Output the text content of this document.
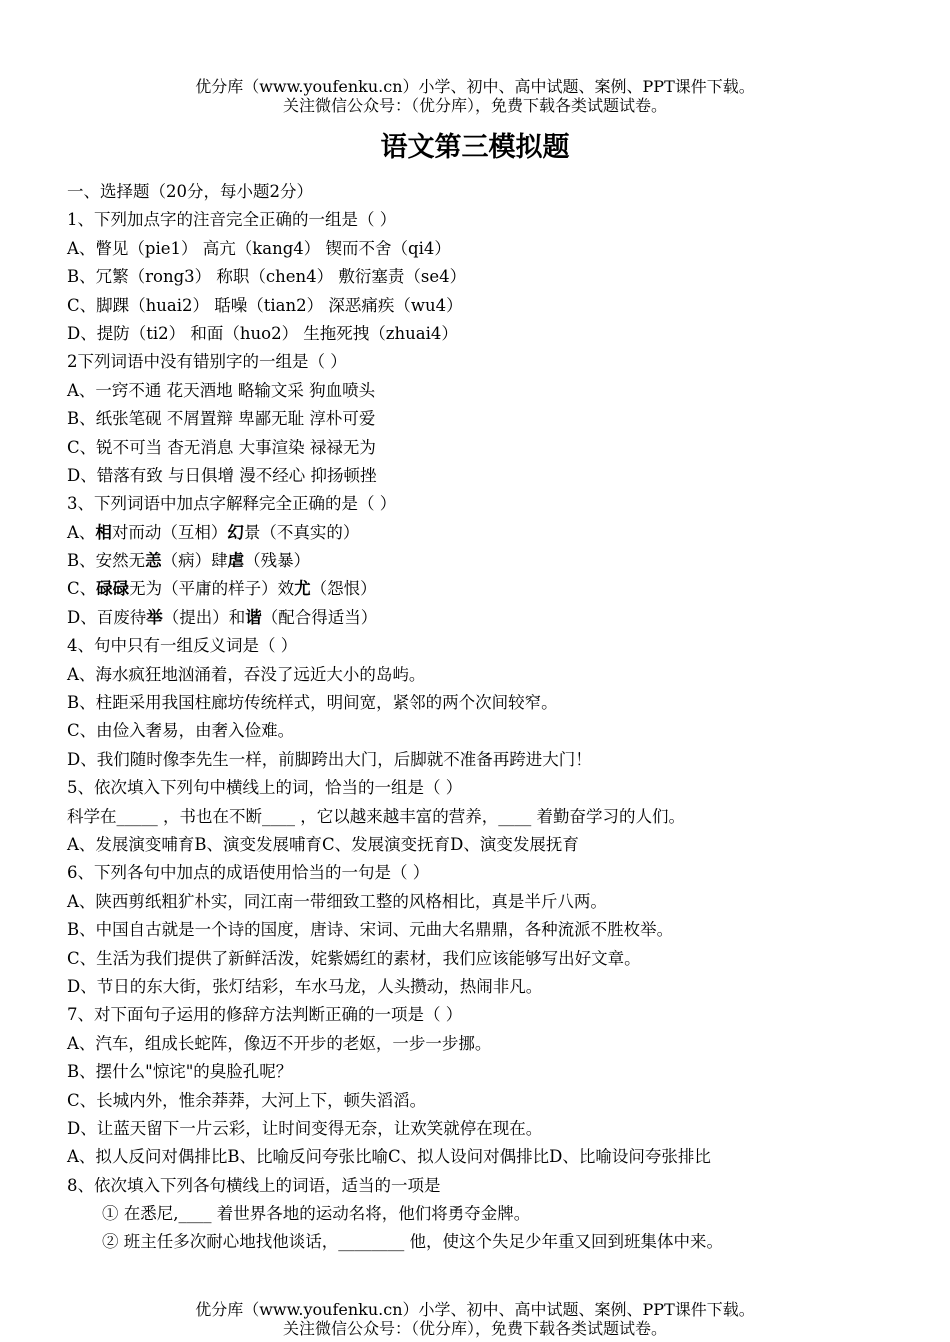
优分库（www.youfenku.cn）小学、初中、高中试题、案例、PPT课件下载。
关注微信公众号：（优分库），免费下载各类试题试卷。
语文第三模拟题
一、选择题（20分，每小题2分）
1、下列加点字的注音完全正确的一组是（ ）
A、瞥见（pie1） 高亢（kang4） 锲而不舍（qi4）
B、冗繁（rong3） 称职（chen4） 敷衍塞责（se4）
C、脚踝（huai2） 聒噪（tian2） 深恶痛疾（wu4）
D、提防（ti2） 和面（huo2） 生拖死拽（zhuai4）
2下列词语中没有错别字的一组是（ ）
A、一窍不通 花天酒地 略输文采 狗血喷头
B、纸张笔砚 不屑置辩 卑鄙无耻 淳朴可爱
C、锐不可当 杳无消息 大事渲染 禄禄无为
D、错落有致 与日俱增 漫不经心 抑扬顿挫
3、下列词语中加点字解释完全正确的是（ ）
A、相对而动（互相）幻景（不真实的）
B、安然无恙（病）肆虐（残暴）
C、碌碌无为（平庸的样子）效尤（怨恨）
D、百废待举（提出）和谐（配合得适当）
4、句中只有一组反义词是（ ）
A、海水疯狂地汹涌着，吞没了远近大小的岛屿。
B、柱距采用我国柱廊坊传统样式，明间宽，紧邻的两个次间较窄。
C、由俭入奢易，由奢入俭难。
D、我们随时像李先生一样，前脚跨出大门，后脚就不准备再跨进大门！
5、依次填入下列句中横线上的词，恰当的一组是（ ）
科学在_____ ，书也在不断____ ，它以越来越丰富的营养，____ 着勤奋学习的人们。
A、发展演变哺育B、演变发展哺育C、发展演变抚育D、演变发展抚育
6、下列各句中加点的成语使用恰当的一句是（ ）
A、陕西剪纸粗犷朴实，同江南一带细致工整的风格相比，真是半斤八两。
B、中国自古就是一个诗的国度，唐诗、宋词、元曲大名鼎鼎，各种流派不胜枚举。
C、生活为我们提供了新鲜活泼，姹紫嫣红的素材，我们应该能够写出好文章。
D、节日的东大街，张灯结彩，车水马龙，人头攒动，热闹非凡。
7、对下面句子运用的修辞方法判断正确的一项是（ ）
A、汽车，组成长蛇阵，像迈不开步的老妪，一步一步挪。
B、摆什么"惊诧"的臭脸孔呢？
C、长城内外，惟余莽莽，大河上下，顿失滔滔。
D、让蓝天留下一片云彩，让时间变得无奈，让欢笑就停在现在。
A、拟人反问对偶排比B、比喻反问夸张比喻C、拟人设问对偶排比D、比喻设问夸张排比
8、依次填入下列各句横线上的词语，适当的一项是
① 在悉尼,____ 着世界各地的运动名将，他们将勇夺金牌。
② 班主任多次耐心地找他谈话，________ 他，使这个失足少年重又回到班集体中来。
优分库（www.youfenku.cn）小学、初中、高中试题、案例、PPT课件下载。
关注微信公众号：（优分库），免费下载各类试题试卷。
